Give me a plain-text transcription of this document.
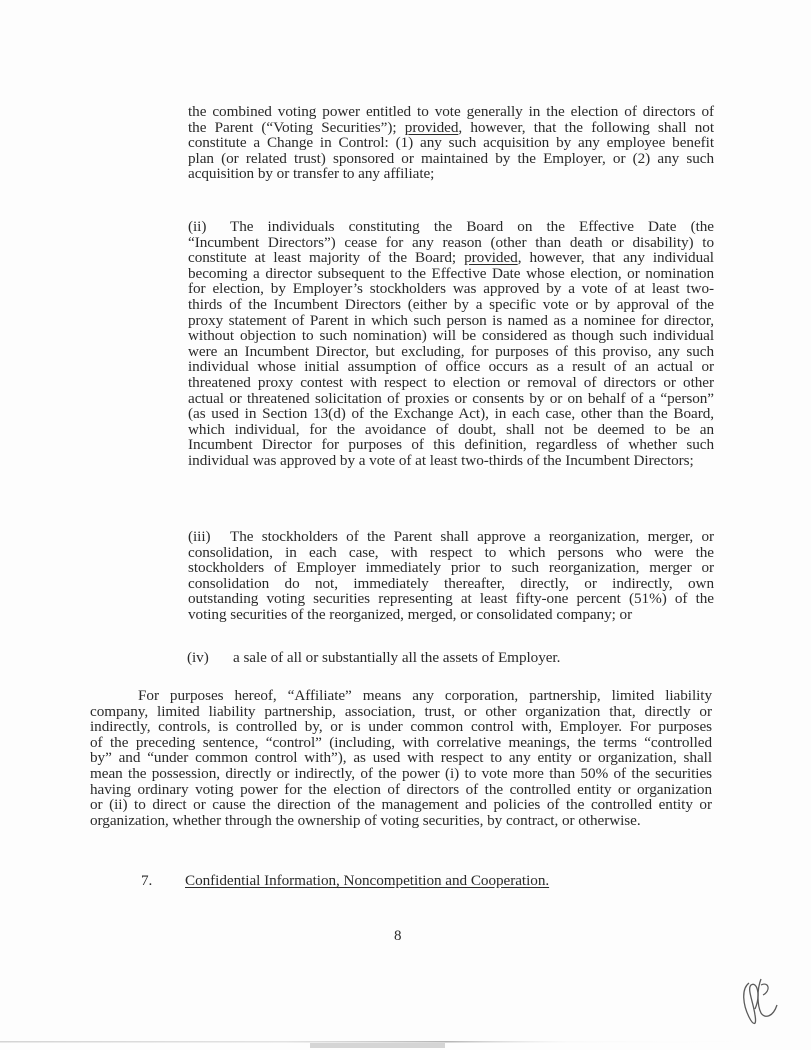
the combined voting power entitled to vote generally in the election of directors of
the Parent (“Voting Securities”); provided, however, that the following shall not
constitute a Change in Control: (1) any such acquisition by any employee benefit
plan (or related trust) sponsored or maintained by the Employer, or (2) any such
acquisition by or transfer to any affiliate;
(ii) The individuals constituting the Board on the Effective Date (the
“Incumbent Directors”) cease for any reason (other than death or disability) to
constitute at least majority of the Board; provided, however, that any individual
becoming a director subsequent to the Effective Date whose election, or nomination
for election, by Employer’s stockholders was approved by a vote of at least two-
thirds of the Incumbent Directors (either by a specific vote or by approval of the
proxy statement of Parent in which such person is named as a nominee for director,
without objection to such nomination) will be considered as though such individual
were an Incumbent Director, but excluding, for purposes of this proviso, any such
individual whose initial assumption of office occurs as a result of an actual or
threatened proxy contest with respect to election or removal of directors or other
actual or threatened solicitation of proxies or consents by or on behalf of a “person”
(as used in Section 13(d) of the Exchange Act), in each case, other than the Board,
which individual, for the avoidance of doubt, shall not be deemed to be an
Incumbent Director for purposes of this definition, regardless of whether such
individual was approved by a vote of at least two-thirds of the Incumbent Directors;
(iii) The stockholders of the Parent shall approve a reorganization, merger, or
consolidation, in each case, with respect to which persons who were the
stockholders of Employer immediately prior to such reorganization, merger or
consolidation do not, immediately thereafter, directly, or indirectly, own
outstanding voting securities representing at least fifty-one percent (51%) of the
voting securities of the reorganized, merged, or consolidated company; or
(iv) a sale of all or substantially all the assets of Employer.
For purposes hereof, “Affiliate” means any corporation, partnership, limited liability
company, limited liability partnership, association, trust, or other organization that, directly or
indirectly, controls, is controlled by, or is under common control with, Employer. For purposes
of the preceding sentence, “control” (including, with correlative meanings, the terms “controlled
by” and “under common control with”), as used with respect to any entity or organization, shall
mean the possession, directly or indirectly, of the power (i) to vote more than 50% of the securities
having ordinary voting power for the election of directors of the controlled entity or organization
or (ii) to direct or cause the direction of the management and policies of the controlled entity or
organization, whether through the ownership of voting securities, by contract, or otherwise.
7. Confidential Information, Noncompetition and Cooperation.
8
